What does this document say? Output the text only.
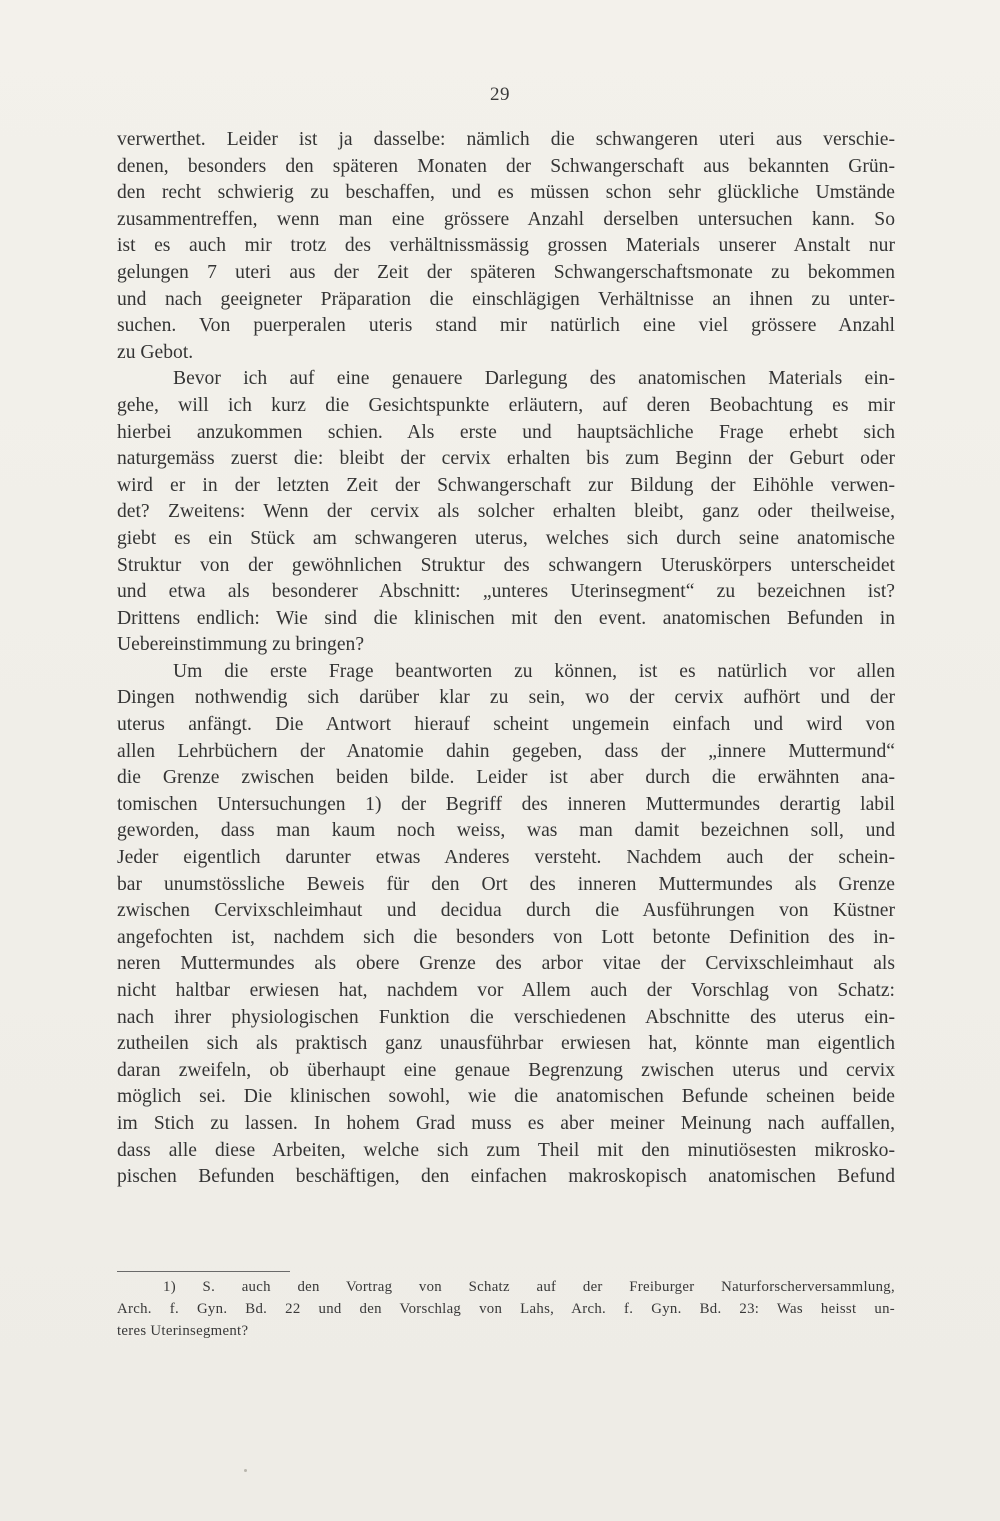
29
verwerthet. Leider ist ja dasselbe: nämlich die schwangeren uteri aus verschie-
denen, besonders den späteren Monaten der Schwangerschaft aus bekannten Grün-
den recht schwierig zu beschaffen, und es müssen schon sehr glückliche Umstände
zusammentreffen, wenn man eine grössere Anzahl derselben untersuchen kann. So
ist es auch mir trotz des verhältnissmässig grossen Materials unserer Anstalt nur
gelungen 7 uteri aus der Zeit der späteren Schwangerschaftsmonate zu bekommen
und nach geeigneter Präparation die einschlägigen Verhältnisse an ihnen zu unter-
suchen. Von puerperalen uteris stand mir natürlich eine viel grössere Anzahl
zu Gebot.
Bevor ich auf eine genauere Darlegung des anatomischen Materials ein-
gehe, will ich kurz die Gesichtspunkte erläutern, auf deren Beobachtung es mir
hierbei anzukommen schien. Als erste und hauptsächliche Frage erhebt sich
naturgemäss zuerst die: bleibt der cervix erhalten bis zum Beginn der Geburt oder
wird er in der letzten Zeit der Schwangerschaft zur Bildung der Eihöhle verwen-
det? Zweitens: Wenn der cervix als solcher erhalten bleibt, ganz oder theilweise,
giebt es ein Stück am schwangeren uterus, welches sich durch seine anatomische
Struktur von der gewöhnlichen Struktur des schwangern Uteruskörpers unterscheidet
und etwa als besonderer Abschnitt: „unteres Uterinsegment“ zu bezeichnen ist?
Drittens endlich: Wie sind die klinischen mit den event. anatomischen Befunden in
Uebereinstimmung zu bringen?
Um die erste Frage beantworten zu können, ist es natürlich vor allen
Dingen nothwendig sich darüber klar zu sein, wo der cervix aufhört und der
uterus anfängt. Die Antwort hierauf scheint ungemein einfach und wird von
allen Lehrbüchern der Anatomie dahin gegeben, dass der „innere Muttermund“
die Grenze zwischen beiden bilde. Leider ist aber durch die erwähnten ana-
tomischen Untersuchungen 1) der Begriff des inneren Muttermundes derartig labil
geworden, dass man kaum noch weiss, was man damit bezeichnen soll, und
Jeder eigentlich darunter etwas Anderes versteht. Nachdem auch der schein-
bar unumstössliche Beweis für den Ort des inneren Muttermundes als Grenze
zwischen Cervixschleimhaut und decidua durch die Ausführungen von Küstner
angefochten ist, nachdem sich die besonders von Lott betonte Definition des in-
neren Muttermundes als obere Grenze des arbor vitae der Cervixschleimhaut als
nicht haltbar erwiesen hat, nachdem vor Allem auch der Vorschlag von Schatz:
nach ihrer physiologischen Funktion die verschiedenen Abschnitte des uterus ein-
zutheilen sich als praktisch ganz unausführbar erwiesen hat, könnte man eigentlich
daran zweifeln, ob überhaupt eine genaue Begrenzung zwischen uterus und cervix
möglich sei. Die klinischen sowohl, wie die anatomischen Befunde scheinen beide
im Stich zu lassen. In hohem Grad muss es aber meiner Meinung nach auffallen,
dass alle diese Arbeiten, welche sich zum Theil mit den minutiösesten mikrosko-
pischen Befunden beschäftigen, den einfachen makroskopisch anatomischen Befund
1) S. auch den Vortrag von Schatz auf der Freiburger Naturforscherversammlung,
Arch. f. Gyn. Bd. 22 und den Vorschlag von Lahs, Arch. f. Gyn. Bd. 23: Was heisst un-
teres Uterinsegment?
